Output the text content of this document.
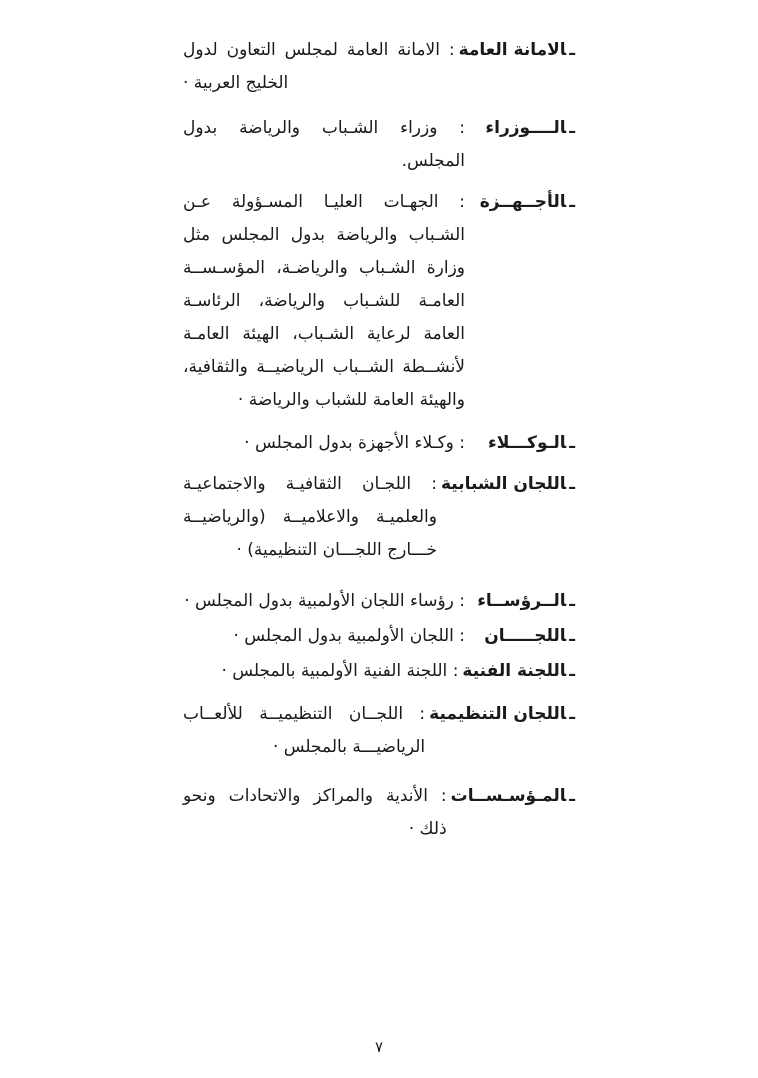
ـالامانة العامة
: الامانة العامة لمجلس التعاون لدول الخليج العربية ·
ـالــــوزراء
: وزراء الشـباب والرياضة بدول المجلس.
ـالأجــهــزة
: الجهـات العليـا المسـؤولة عـن الشـباب والرياضة بدول المجلس مثل وزارة الشـباب والرياضـة، المؤسـســة العامـة للشـباب والرياضة، الرئاسـة العامة لرعاية الشـباب، الهيئة العامـة لأنشــطة الشــباب الرياضيــة والثقافية، والهيئة العامة للشباب والرياضة ·
ـالـوكـــلاء
: وكـلاء الأجهزة بدول المجلس ·
ـاللجان الشبابية
: اللجـان الثقافيـة والاجتماعيـة والعلميـة والاعلاميــة (والرياضيــة خـــارج اللجـــان التنظيمية) ·
ـالــرؤســاء
: رؤساء اللجان الأولمبية بدول المجلس ·
ـاللجـــــان
: اللجان الأولمبية بدول المجلس ·
ـاللجنة الفنية
: اللجنة الفنية الأولمبية بالمجلس ·
ـاللجان التنظيمية
: اللجــان التنظيميــة للألعــاب الرياضيـــة بالمجلس ·
ـالمـؤسـســات
: الأندية والمراكز والاتحادات ونحو ذلك ·
٧
